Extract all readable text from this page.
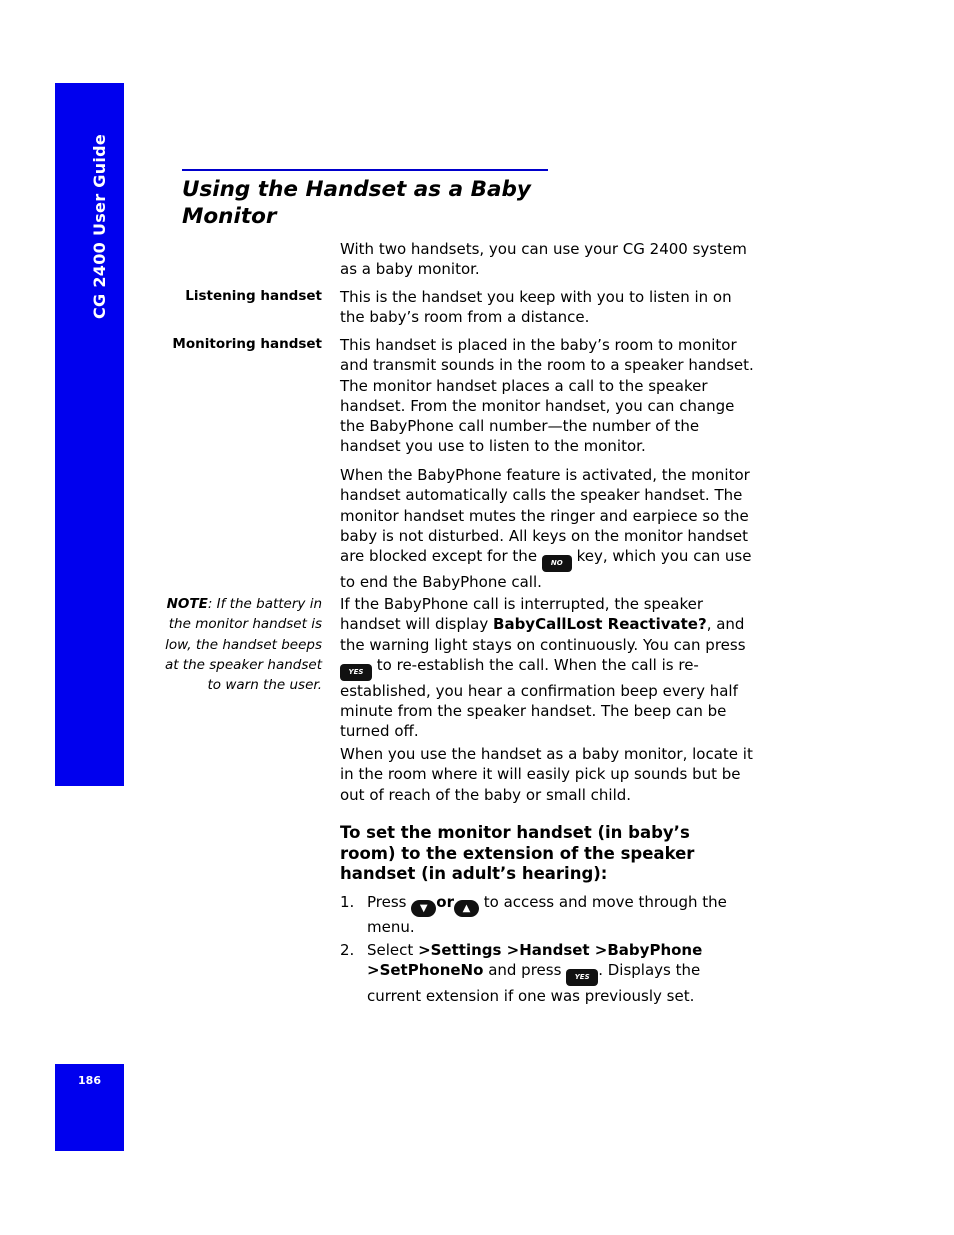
CG 2400 User Guide
186
Using the Handset as a Baby Monitor

With two handsets, you can use your CG 2400 system as a baby monitor.

Listening handset This is the handset you keep with you to listen in on the baby’s room from a distance.

Monitoring handset This handset is placed in the baby’s room to monitor and transmit sounds in the room to a speaker handset. The monitor handset places a call to the speaker handset. From the monitor handset, you can change the BabyPhone call number—the number of the handset you use to listen to the monitor.

When the BabyPhone feature is activated, the monitor handset automatically calls the speaker handset. The monitor handset mutes the ringer and earpiece so the baby is not disturbed. All keys on the monitor handset are blocked except for the NO key, which you can use to end the BabyPhone call.

NOTE: If the battery in the monitor handset is low, the handset beeps at the speaker handset to warn the user.

If the BabyPhone call is interrupted, the speaker handset will display BabyCallLost Reactivate?, and the warning light stays on continuously. You can press YES to re-establish the call. When the call is re-established, you hear a confirmation beep every half minute from the speaker handset. The beep can be turned off.

When you use the handset as a baby monitor, locate it in the room where it will easily pick up sounds but be out of reach of the baby or small child.

To set the monitor handset (in baby’s room) to the extension of the speaker handset (in adult’s hearing):
1. Press ▼ or ▲ to access and move through the menu.
2. Select >Settings >Handset >BabyPhone >SetPhoneNo and press YES . Displays the current extension if one was previously set.
